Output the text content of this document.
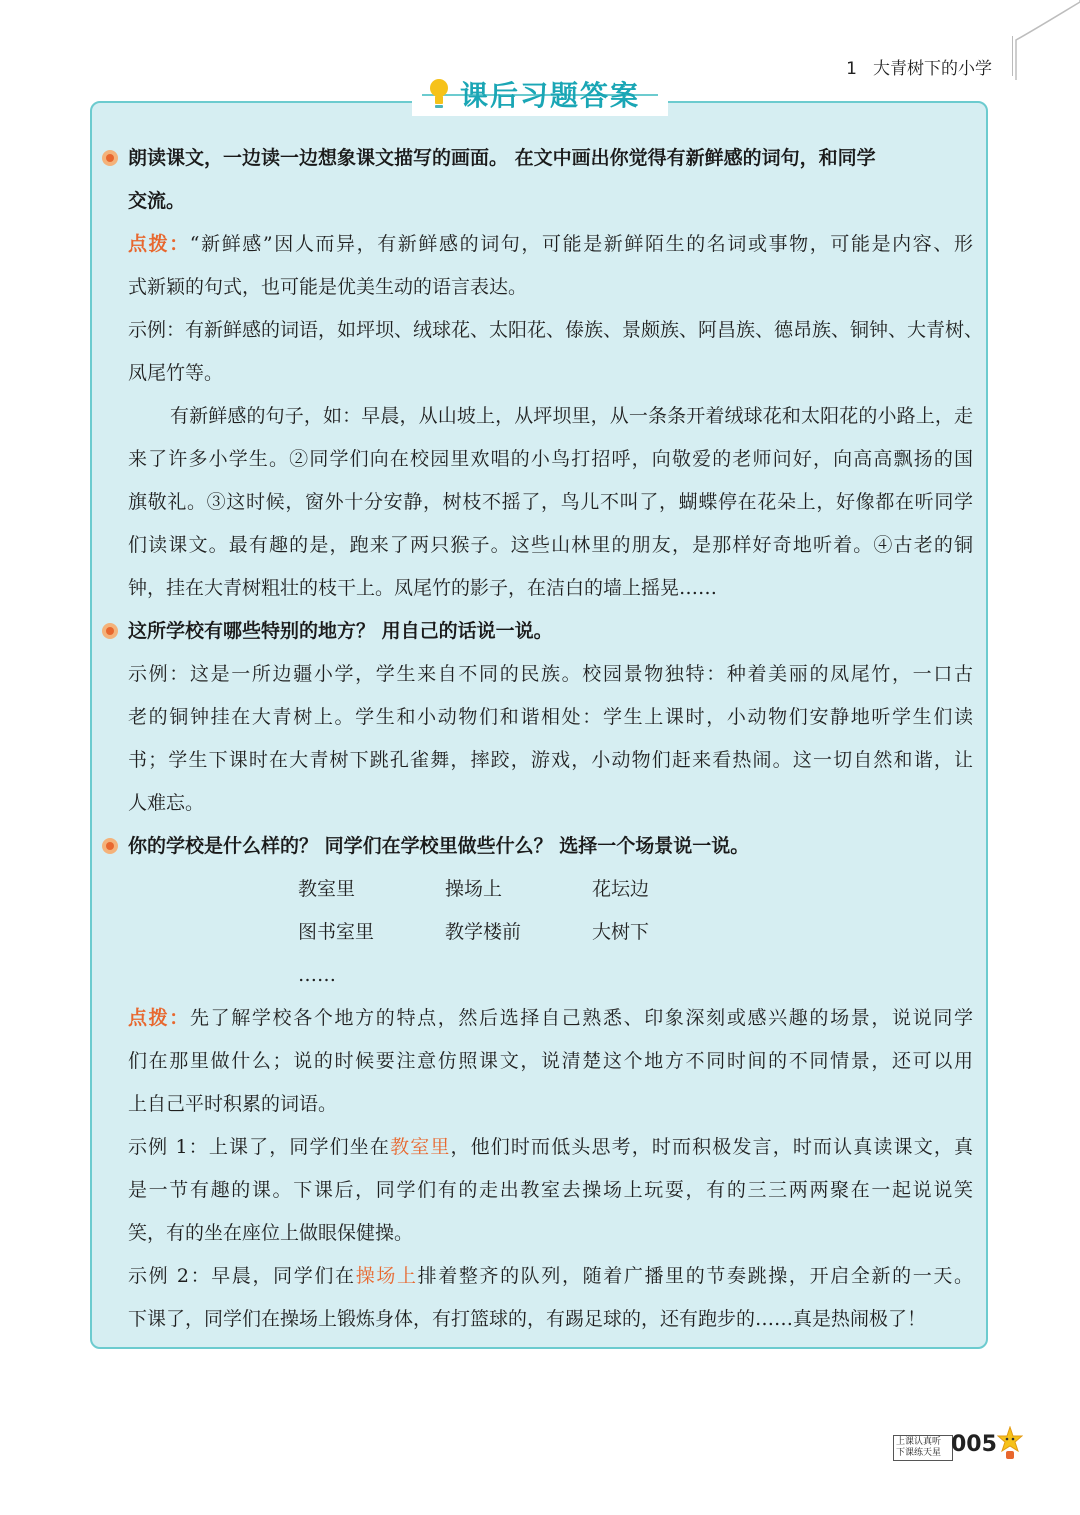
1 大青树下的小学
课后习题答案
朗读课文，一边读一边想象课文描写的画面。 在文中画出你觉得有新鲜感的词句，和同学
交流。
点拨：“新鲜感”因人而异，有新鲜感的词句，可能是新鲜陌生的名词或事物，可能是内容、形
式新颖的句式，也可能是优美生动的语言表达。
示例：有新鲜感的词语，如坪坝、绒球花、太阳花、傣族、景颇族、阿昌族、德昂族、铜钟、大青树、
凤尾竹等。
有新鲜感的句子，如：早晨，从山坡上，从坪坝里，从一条条开着绒球花和太阳花的小路上，走
来了许多小学生。②同学们向在校园里欢唱的小鸟打招呼，向敬爱的老师问好，向高高飘扬的国
旗敬礼。③这时候，窗外十分安静，树枝不摇了，鸟儿不叫了，蝴蝶停在花朵上，好像都在听同学
们读课文。最有趣的是，跑来了两只猴子。这些山林里的朋友，是那样好奇地听着。④古老的铜
钟，挂在大青树粗壮的枝干上。凤尾竹的影子，在洁白的墙上摇晃……
这所学校有哪些特别的地方？ 用自己的话说一说。
示例：这是一所边疆小学，学生来自不同的民族。校园景物独特：种着美丽的凤尾竹，一口古
老的铜钟挂在大青树上。学生和小动物们和谐相处：学生上课时，小动物们安静地听学生们读
书；学生下课时在大青树下跳孔雀舞，摔跤，游戏，小动物们赶来看热闹。这一切自然和谐，让
人难忘。
你的学校是什么样的？ 同学们在学校里做些什么？ 选择一个场景说一说。
教室里	操场上	花坛边
图书室里	教学楼前	大树下
……
点拨：先了解学校各个地方的特点，然后选择自己熟悉、印象深刻或感兴趣的场景，说说同学
们在那里做什么；说的时候要注意仿照课文，说清楚这个地方不同时间的不同情景，还可以用
上自己平时积累的词语。
示例 1：上课了，同学们坐在教室里，他们时而低头思考，时而积极发言，时而认真读课文，真
是一节有趣的课。下课后，同学们有的走出教室去操场上玩耍，有的三三两两聚在一起说说笑
笑，有的坐在座位上做眼保健操。
示例 2：早晨，同学们在操场上排着整齐的队列，随着广播里的节奏跳操，开启全新的一天。
下课了，同学们在操场上锻炼身体，有打篮球的，有踢足球的，还有跑步的……真是热闹极了！
上课认真听
下课练天星 005
